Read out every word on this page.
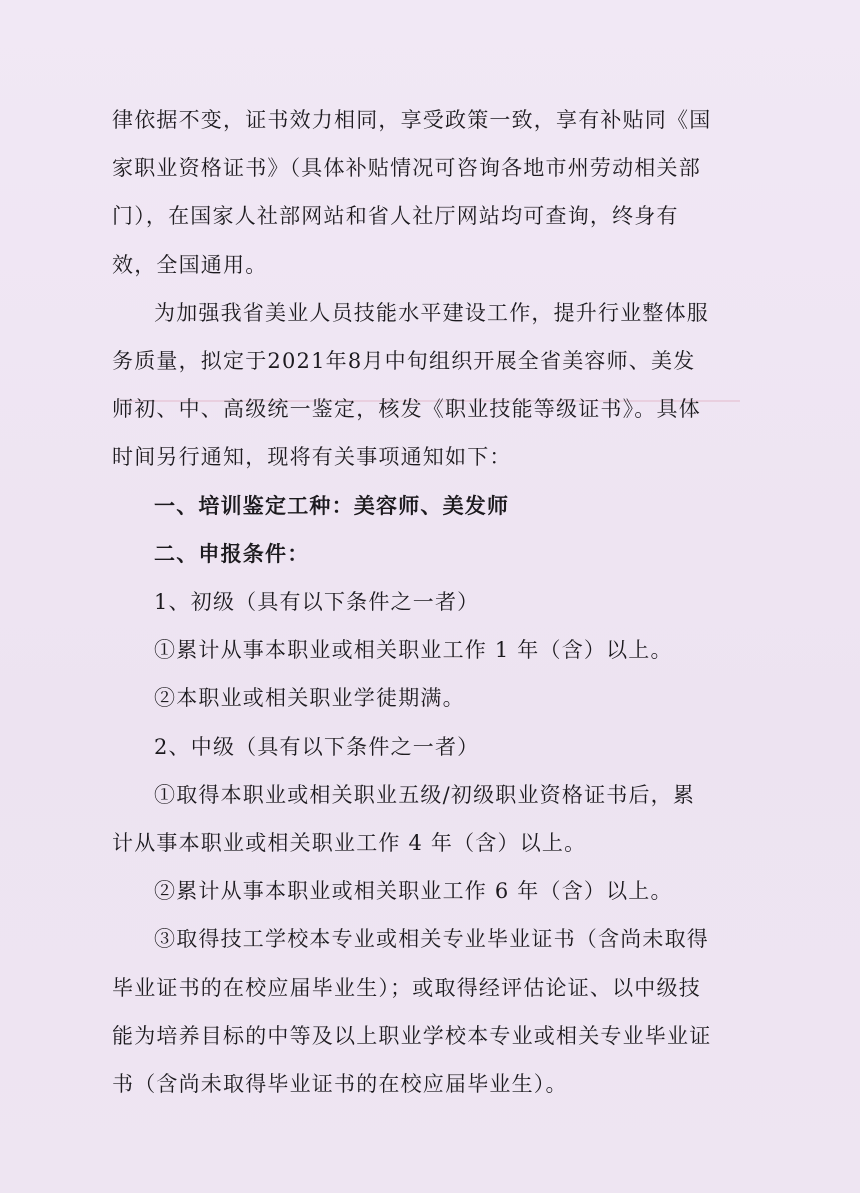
律依据不变，证书效力相同，享受政策一致，享有补贴同《国家职业资格证书》（具体补贴情况可咨询各地市州劳动相关部门），在国家人社部网站和省人社厅网站均可查询，终身有效，全国通用。

为加强我省美业人员技能水平建设工作，提升行业整体服务质量，拟定于2021年8月中旬组织开展全省美容师、美发师初、中、高级统一鉴定，核发《职业技能等级证书》。具体时间另行通知，现将有关事项通知如下：

一、培训鉴定工种：美容师、美发师

二、申报条件：

1、初级（具有以下条件之一者）

①累计从事本职业或相关职业工作 1 年（含）以上。

②本职业或相关职业学徒期满。

2、中级（具有以下条件之一者）

①取得本职业或相关职业五级/初级职业资格证书后，累计从事本职业或相关职业工作 4 年（含）以上。

②累计从事本职业或相关职业工作 6 年（含）以上。

③取得技工学校本专业或相关专业毕业证书（含尚未取得毕业证书的在校应届毕业生）；或取得经评估论证、以中级技能为培养目标的中等及以上职业学校本专业或相关专业毕业证书（含尚未取得毕业证书的在校应届毕业生）。
